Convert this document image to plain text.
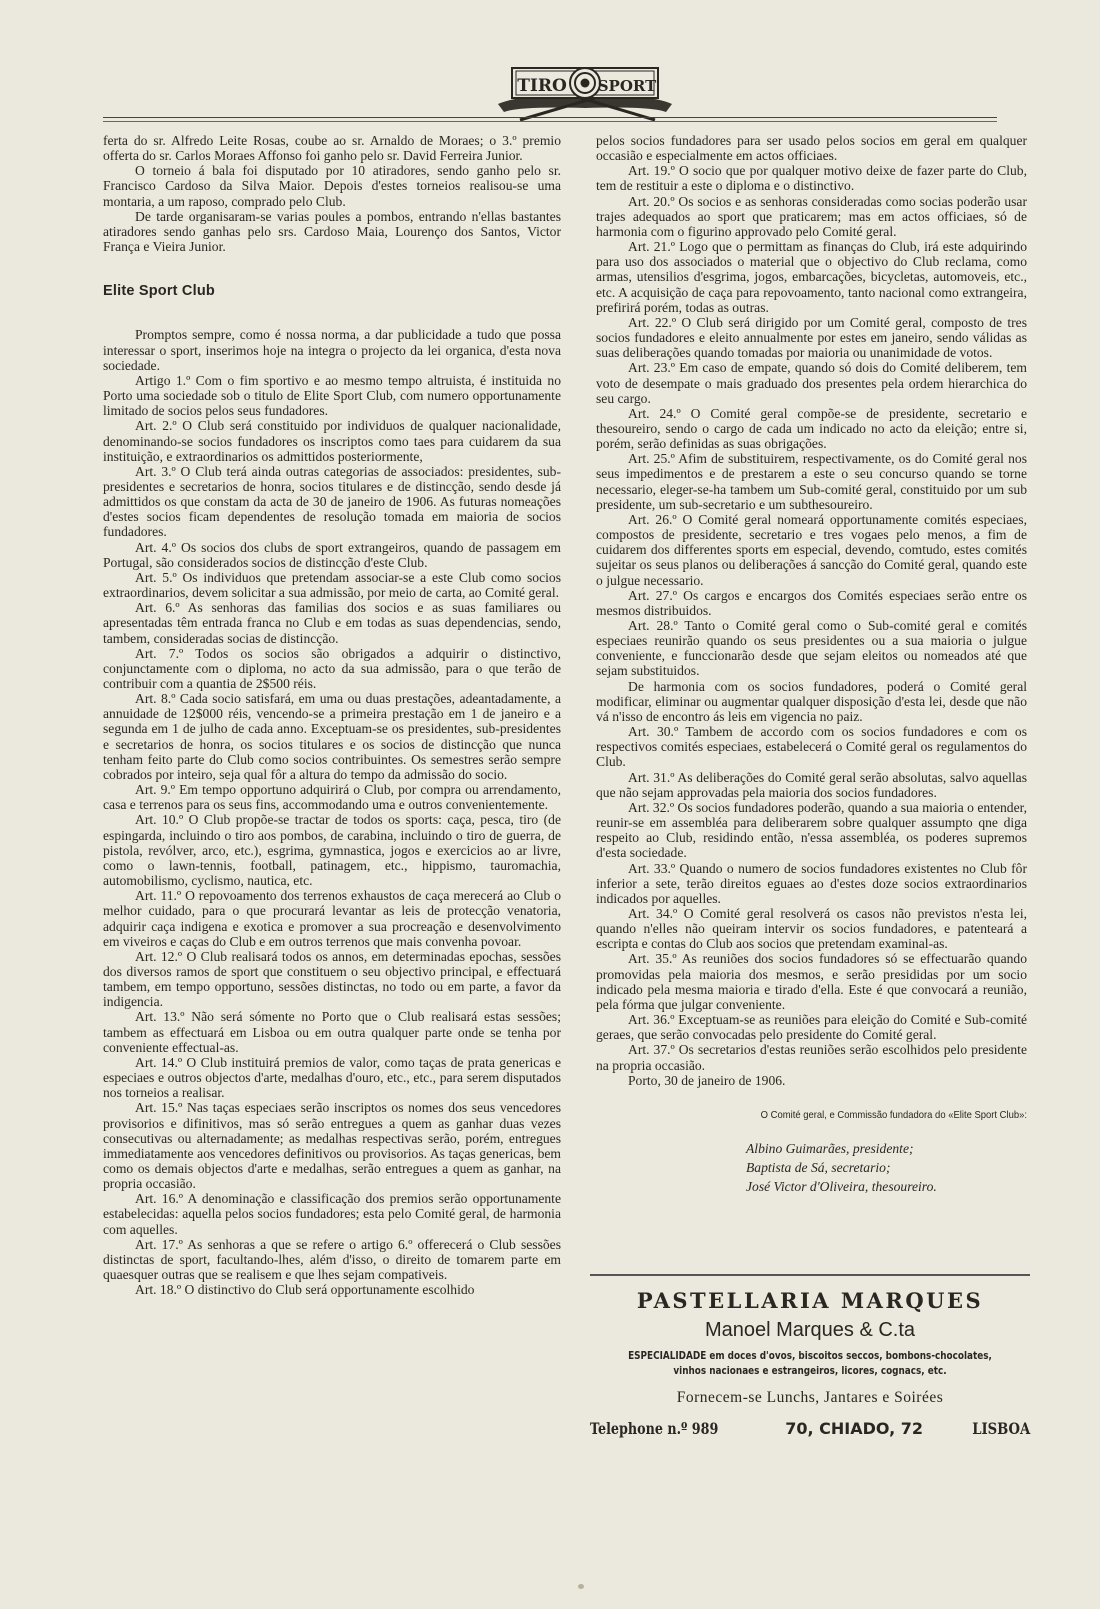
TIRO SPORT

ferta do sr. Alfredo Leite Rosas, coube ao sr. Arnaldo de Moraes; o 3.º premio offerta do sr. Carlos Moraes Affonso foi ganho pelo sr. David Ferreira Junior.

O torneio á bala foi disputado por 10 atiradores, sendo ganho pelo sr. Francisco Cardoso da Silva Maior. Depois d'estes torneios realisou-se uma montaria, a um raposo, comprado pelo Club.

De tarde organisaram-se varias poules a pombos, entrando n'ellas bastantes atiradores sendo ganhas pelo srs. Cardoso Maia, Lourenço dos Santos, Victor França e Vieira Junior.

Elite Sport Club

Promptos sempre, como é nossa norma, a dar publicidade a tudo que possa interessar o sport, inserimos hoje na integra o projecto da lei organica, d'esta nova sociedade.

Artigo 1.º Com o fim sportivo e ao mesmo tempo altruista, é instituida no Porto uma sociedade sob o titulo de Elite Sport Club, com numero opportunamente limitado de socios pelos seus fundadores.

Art. 2.º O Club será constituido por individuos de qualquer nacionalidade, denominando-se socios fundadores os inscriptos como taes para cuidarem da sua instituição, e extraordinarios os admittidos posteriormente,

Art. 3.º O Club terá ainda outras categorias de associados: presidentes, sub-presidentes e secretarios de honra, socios titulares e de distincção, sendo desde já admittidos os que constam da acta de 30 de janeiro de 1906. As futuras nomeações d'estes socios ficam dependentes de resolução tomada em maioria de socios fundadores.

Art. 4.º Os socios dos clubs de sport extrangeiros, quando de passagem em Portugal, são considerados socios de distincção d'este Club.

Art. 5.º Os individuos que pretendam associar-se a este Club como socios extraordinarios, devem solicitar a sua admissão, por meio de carta, ao Comité geral.

Art. 6.º As senhoras das familias dos socios e as suas familiares ou apresentadas têm entrada franca no Club e em todas as suas dependencias, sendo, tambem, consideradas socias de distincção.

Art. 7.º Todos os socios são obrigados a adquirir o distinctivo, conjunctamente com o diploma, no acto da sua admissão, para o que terão de contribuir com a quantia de 2$500 réis.

Art. 8.º Cada socio satisfará, em uma ou duas prestações, adeantadamente, a annuidade de 12$000 réis, vencendo-se a primeira prestação em 1 de janeiro e a segunda em 1 de julho de cada anno. Exceptuam-se os presidentes, sub-presidentes e secretarios de honra, os socios titulares e os socios de distincção que nunca tenham feito parte do Club como socios contribuintes. Os semestres serão sempre cobrados por inteiro, seja qual fôr a altura do tempo da admissão do socio.

Art. 9.º Em tempo opportuno adquirirá o Club, por compra ou arrendamento, casa e terrenos para os seus fins, accommodando uma e outros convenientemente.

Art. 10.º O Club propõe-se tractar de todos os sports: caça, pesca, tiro (de espingarda, incluindo o tiro aos pombos, de carabina, incluindo o tiro de guerra, de pistola, revólver, arco, etc.), esgrima, gymnastica, jogos e exercicios ao ar livre, como o lawn-tennis, football, patinagem, etc., hippismo, tauromachia, automobilismo, cyclismo, nautica, etc.

Art. 11.º O repovoamento dos terrenos exhaustos de caça merecerá ao Club o melhor cuidado, para o que procurará levantar as leis de protecção venatoria, adquirir caça indigena e exotica e promover a sua procreação e desenvolvimento em viveiros e caças do Club e em outros terrenos que mais convenha povoar.

Art. 12.º O Club realisará todos os annos, em determinadas epochas, sessões dos diversos ramos de sport que constituem o seu objectivo principal, e effectuará tambem, em tempo opportuno, sessões distinctas, no todo ou em parte, a favor da indigencia.

Art. 13.º Não será sómente no Porto que o Club realisará estas sessões; tambem as effectuará em Lisboa ou em outra qualquer parte onde se tenha por conveniente effectual-as.

Art. 14.º O Club instituirá premios de valor, como taças de prata genericas e especiaes e outros objectos d'arte, medalhas d'ouro, etc., etc., para serem disputados nos torneios a realisar.

Art. 15.º Nas taças especiaes serão inscriptos os nomes dos seus vencedores provisorios e difinitivos, mas só serão entregues a quem as ganhar duas vezes consecutivas ou alternadamente; as medalhas respectivas serão, porém, entregues immediatamente aos vencedores definitivos ou provisorios. As taças genericas, bem como os demais objectos d'arte e medalhas, serão entregues a quem as ganhar, na propria occasião.

Art. 16.º A denominação e classificação dos premios serão opportunamente estabelecidas: aquella pelos socios fundadores; esta pelo Comité geral, de harmonia com aquelles.

Art. 17.º As senhoras a que se refere o artigo 6.º offerecerá o Club sessões distinctas de sport, facultando-lhes, além d'isso, o direito de tomarem parte em quaesquer outras que se realisem e que lhes sejam compativeis.

Art. 18.º O distinctivo do Club será opportunamente escolhido

pelos socios fundadores para ser usado pelos socios em geral em qualquer occasião e especialmente em actos officiaes.

Art. 19.º O socio que por qualquer motivo deixe de fazer parte do Club, tem de restituir a este o diploma e o distinctivo.

Art. 20.º Os socios e as senhoras consideradas como socias poderão usar trajes adequados ao sport que praticarem; mas em actos officiaes, só de harmonia com o figurino approvado pelo Comité geral.

Art. 21.º Logo que o permittam as finanças do Club, irá este adquirindo para uso dos associados o material que o objectivo do Club reclama, como armas, utensilios d'esgrima, jogos, embarcações, bicycletas, automoveis, etc., etc. A acquisição de caça para repovoamento, tanto nacional como extrangeira, prefirirá porém, todas as outras.

Art. 22.º O Club será dirigido por um Comité geral, composto de tres socios fundadores e eleito annualmente por estes em janeiro, sendo válidas as suas deliberações quando tomadas por maioria ou unanimidade de votos.

Art. 23.º Em caso de empate, quando só dois do Comité deliberem, tem voto de desempate o mais graduado dos presentes pela ordem hierarchica do seu cargo.

Art. 24.º O Comité geral compõe-se de presidente, secretario e thesoureiro, sendo o cargo de cada um indicado no acto da eleição; entre si, porém, serão definidas as suas obrigações.

Art. 25.º Afim de substituirem, respectivamente, os do Comité geral nos seus impedimentos e de prestarem a este o seu concurso quando se torne necessario, eleger-se-ha tambem um Sub-comité geral, constituido por um sub presidente, um sub-secretario e um subthesoureiro.

Art. 26.º O Comité geral nomeará opportunamente comités especiaes, compostos de presidente, secretario e tres vogaes pelo menos, a fim de cuidarem dos differentes sports em especial, devendo, comtudo, estes comités sujeitar os seus planos ou deliberações á sancção do Comité geral, quando este o julgue necessario.

Art. 27.º Os cargos e encargos dos Comités especiaes serão entre os mesmos distribuidos.

Art. 28.º Tanto o Comité geral como o Sub-comité geral e comités especiaes reunirão quando os seus presidentes ou a sua maioria o julgue conveniente, e funccionarão desde que sejam eleitos ou nomeados até que sejam substituidos.

De harmonia com os socios fundadores, poderá o Comité geral modificar, eliminar ou augmentar qualquer disposição d'esta lei, desde que não vá n'isso de encontro ás leis em vigencia no paiz.

Art. 30.º Tambem de accordo com os socios fundadores e com os respectivos comités especiaes, estabelecerá o Comité geral os regulamentos do Club.

Art. 31.º As deliberações do Comité geral serão absolutas, salvo aquellas que não sejam approvadas pela maioria dos socios fundadores.

Art. 32.º Os socios fundadores poderão, quando a sua maioria o entender, reunir-se em assembléa para deliberarem sobre qualquer assumpto qne diga respeito ao Club, residindo então, n'essa assembléa, os poderes supremos d'esta sociedade.

Art. 33.º Quando o numero de socios fundadores existentes no Club fôr inferior a sete, terão direitos eguaes ao d'estes doze socios extraordinarios indicados por aquelles.

Art. 34.º O Comité geral resolverá os casos não previstos n'esta lei, quando n'elles não queiram intervir os socios fundadores, e patenteará a escripta e contas do Club aos socios que pretendam examinal-as.

Art. 35.º As reuniões dos socios fundadores só se effectuarão quando promovidas pela maioria dos mesmos, e serão presididas por um socio indicado pela mesma maioria e tirado d'ella. Este é que convocará a reunião, pela fórma que julgar conveniente.

Art. 36.º Exceptuam-se as reuniões para eleição do Comité e Sub-comité geraes, que serão convocadas pelo presidente do Comité geral.

Art. 37.º Os secretarios d'estas reuniões serão escolhidos pelo presidente na propria occasião.

Porto, 30 de janeiro de 1906.

O Comité geral, e Commissão fundadora do «Elite Sport Club»:
Albino Guimarães, presidente;
Baptista de Sá, secretario;
José Victor d'Oliveira, thesoureiro.
PASTELLARIA MARQUES
Manoel Marques & C.ta
ESPECIALIDADE em doces d'ovos, biscoitos seccos, bombons-chocolates,
vinhos nacionaes e estrangeiros, licores, cognacs, etc.
Fornecem-se Lunchs, Jantares e Soirées
Telephone n.º 989	70, CHIADO, 72	LISBOA
